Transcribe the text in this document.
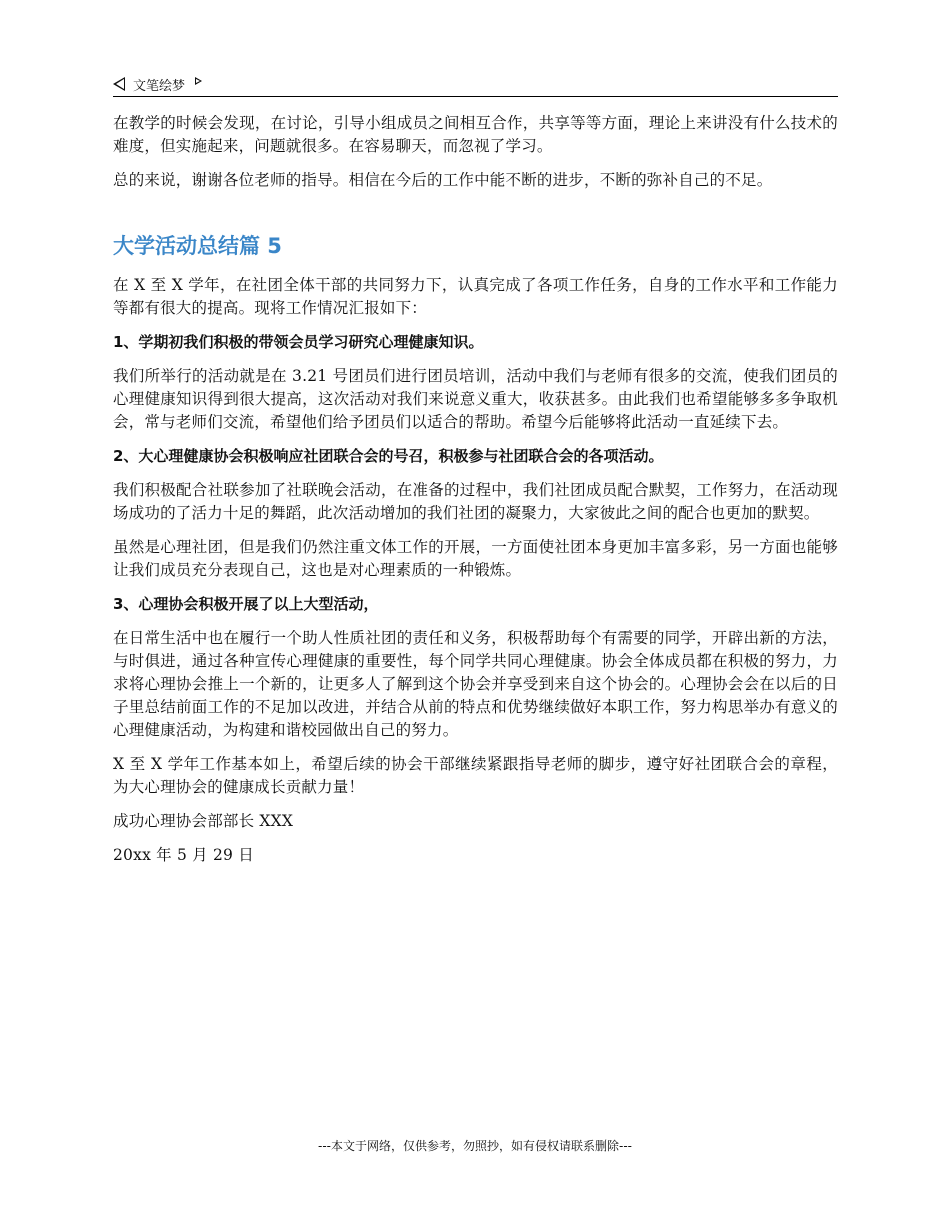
文笔绘梦

在教学的时候会发现，在讨论，引导小组成员之间相互合作，共享等等方面，理论上来讲没有什么技术的难度，但实施起来，问题就很多。在容易聊天，而忽视了学习。

总的来说，谢谢各位老师的指导。相信在今后的工作中能不断的进步，不断的弥补自己的不足。

大学活动总结篇 5

在 X 至 X 学年，在社团全体干部的共同努力下，认真完成了各项工作任务，自身的工作水平和工作能力等都有很大的提高。现将工作情况汇报如下：

1、学期初我们积极的带领会员学习研究心理健康知识。

我们所举行的活动就是在 3.21 号团员们进行团员培训，活动中我们与老师有很多的交流，使我们团员的心理健康知识得到很大提高，这次活动对我们来说意义重大，收获甚多。由此我们也希望能够多多争取机会，常与老师们交流，希望他们给予团员们以适合的帮助。希望今后能够将此活动一直延续下去。

2、大心理健康协会积极响应社团联合会的号召，积极参与社团联合会的各项活动。

我们积极配合社联参加了社联晚会活动，在准备的过程中，我们社团成员配合默契，工作努力，在活动现场成功的了活力十足的舞蹈，此次活动增加的我们社团的凝聚力，大家彼此之间的配合也更加的默契。

虽然是心理社团，但是我们仍然注重文体工作的开展，一方面使社团本身更加丰富多彩，另一方面也能够让我们成员充分表现自己，这也是对心理素质的一种锻炼。

3、心理协会积极开展了以上大型活动，

在日常生活中也在履行一个助人性质社团的责任和义务，积极帮助每个有需要的同学，开辟出新的方法，与时俱进，通过各种宣传心理健康的重要性，每个同学共同心理健康。协会全体成员都在积极的努力，力求将心理协会推上一个新的，让更多人了解到这个协会并享受到来自这个协会的。心理协会会在以后的日子里总结前面工作的不足加以改进，并结合从前的特点和优势继续做好本职工作，努力构思举办有意义的心理健康活动，为构建和谐校园做出自己的努力。

X 至 X 学年工作基本如上，希望后续的协会干部继续紧跟指导老师的脚步，遵守好社团联合会的章程，为大心理协会的健康成长贡献力量！

成功心理协会部部长 XXX

20xx 年 5 月 29 日

---本文于网络，仅供参考，勿照抄，如有侵权请联系删除---
